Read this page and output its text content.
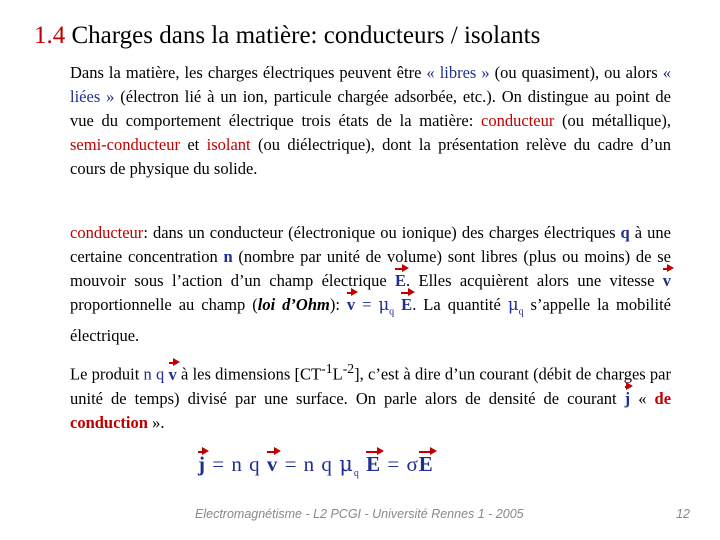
1.4 Charges dans la matière: conducteurs / isolants
Dans la matière, les charges électriques peuvent être « libres » (ou quasiment), ou alors « liées » (électron lié à un ion, particule chargée adsorbée, etc.). On distingue au point de vue du comportement électrique trois états de la matière: conducteur (ou métallique), semi-conducteur et isolant (ou diélectrique), dont la présentation relève du cadre d’un cours de physique du solide.
conducteur: dans un conducteur (électronique ou ionique) des charges électriques q à une certaine concentration n (nombre par unité de volume) sont libres (plus ou moins) de se mouvoir sous l’action d’un champ électrique E. Elles acquièrent alors une vitesse v proportionnelle au champ (loi d’Ohm): $v = \mu_q$ E. La quantité $\mu_q$ s’appelle la mobilité électrique.
Le produit n q v à les dimensions $[CT^{-1}L^{-2}]$, c’est à dire d’un courant (débit de charges par unité de temps) divisé par une surface. On parle alors de densité de courant j « de conduction ».
j = n q v = n q $\mu_q$ E = σE
Electromagnétisme - L2 PCGI - Université Rennes 1 - 2005	12
